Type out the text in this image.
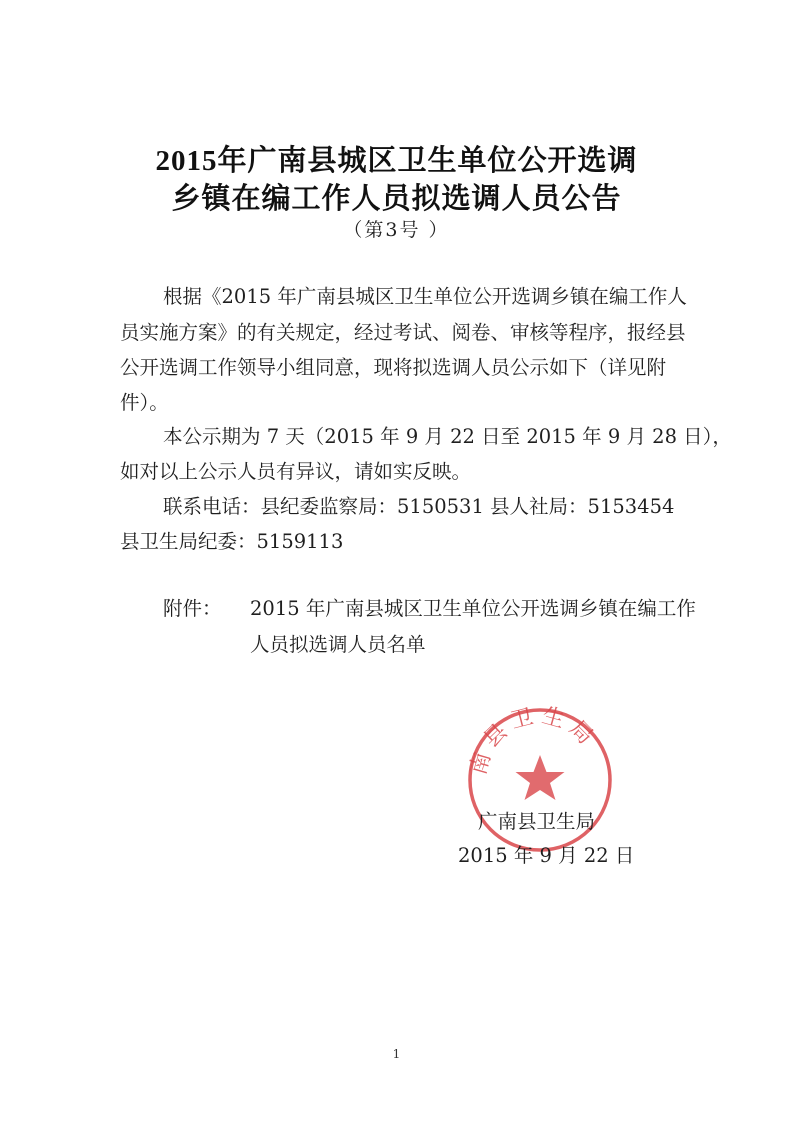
2015年广南县城区卫生单位公开选调
乡镇在编工作人员拟选调人员公告
（第3号 ）
根据《2015 年广南县城区卫生单位公开选调乡镇在编工作人
员实施方案》的有关规定，经过考试、阅卷、审核等程序，报经县
公开选调工作领导小组同意，现将拟选调人员公示如下（详见附
件）。
本公示期为 7 天（2015 年 9 月 22 日至 2015 年 9 月 28 日），
如对以上公示人员有异议，请如实反映。
联系电话：县纪委监察局：5150531 县人社局：5153454
县卫生局纪委：5159113
附件： 2015 年广南县城区卫生单位公开选调乡镇在编工作
人员拟选调人员名单
南县卫生局
广南县卫生局
2015 年 9 月 22 日
1
